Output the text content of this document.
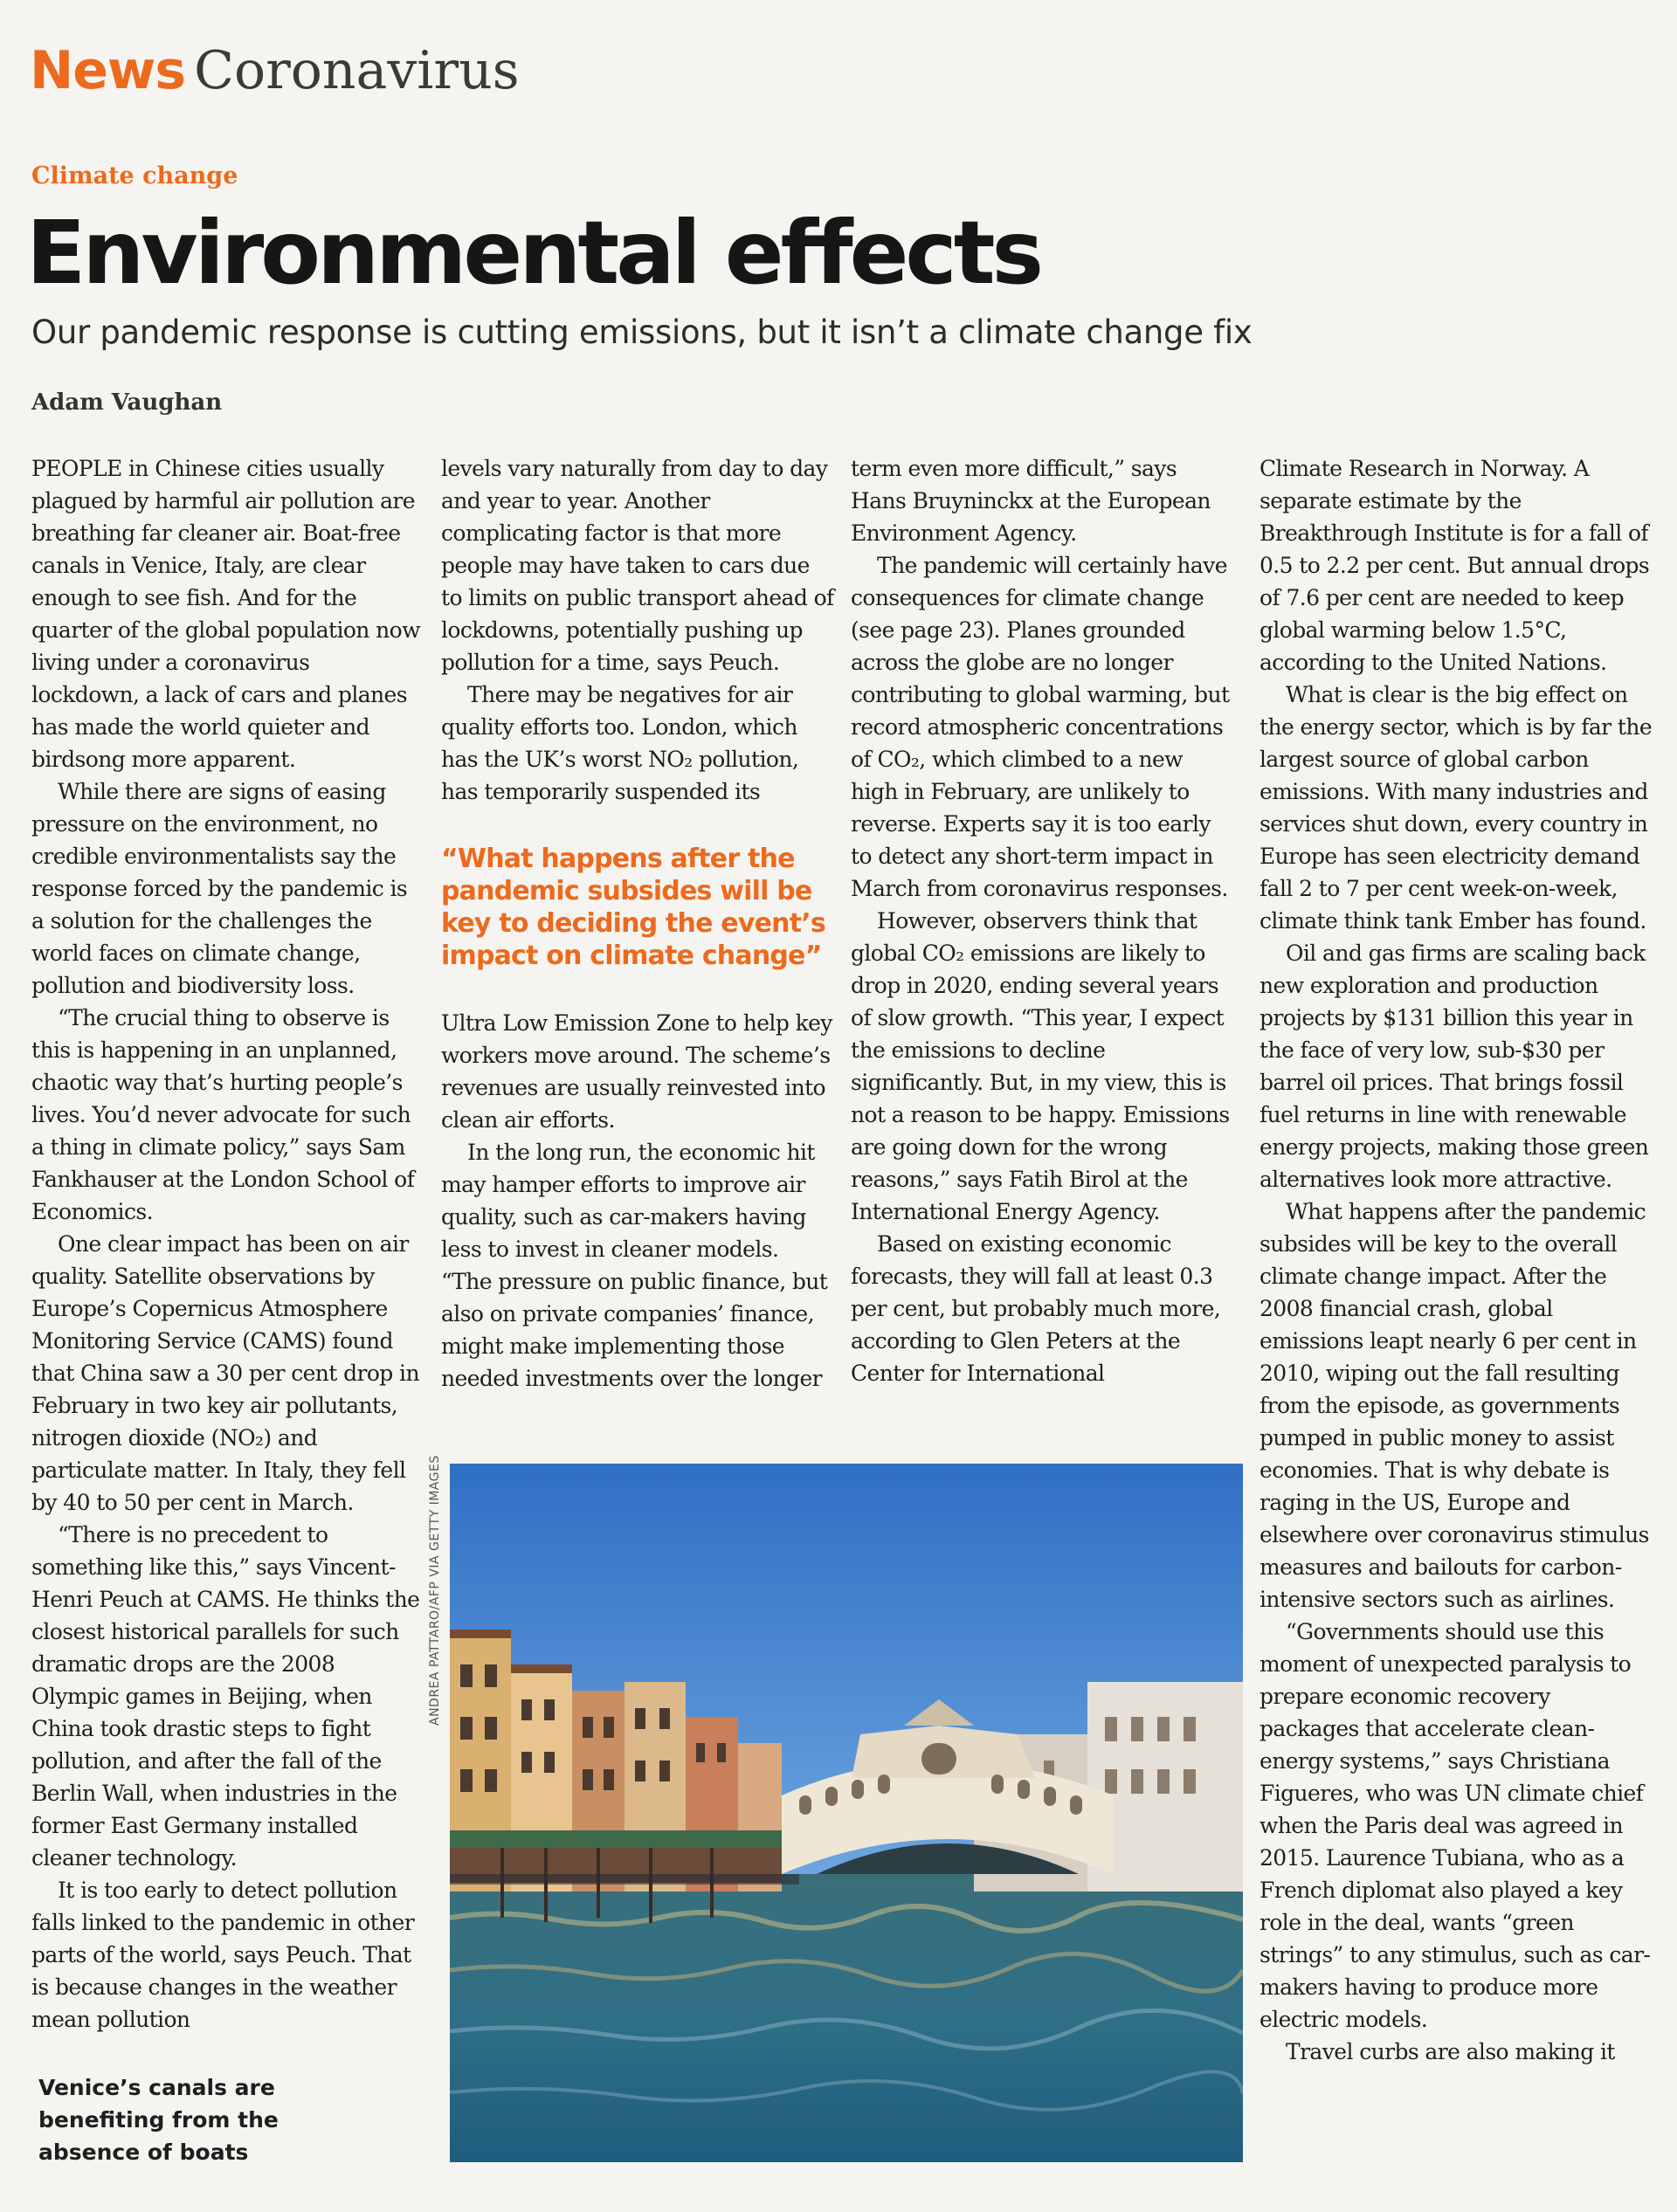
News Coronavirus
Climate change
Environmental effects
Our pandemic response is cutting emissions, but it isn’t a climate change fix
Adam Vaughan

PEOPLE in Chinese cities usually plagued by harmful air pollution are breathing far cleaner air. Boat-free canals in Venice, Italy, are clear enough to see fish. And for the quarter of the global population now living under a coronavirus lockdown, a lack of cars and planes has made the world quieter and birdsong more apparent.

While there are signs of easing pressure on the environment, no credible environmentalists say the response forced by the pandemic is a solution for the challenges the world faces on climate change, pollution and biodiversity loss.

“The crucial thing to observe is this is happening in an unplanned, chaotic way that’s hurting people’s lives. You’d never advocate for such a thing in climate policy,” says Sam Fankhauser at the London School of Economics.

One clear impact has been on air quality. Satellite observations by Europe’s Copernicus Atmosphere Monitoring Service (CAMS) found that China saw a 30 per cent drop in February in two key air pollutants, nitrogen dioxide (NO₂) and particulate matter. In Italy, they fell by 40 to 50 per cent in March.

“There is no precedent to something like this,” says Vincent-Henri Peuch at CAMS. He thinks the closest historical parallels for such dramatic drops are the 2008 Olympic games in Beijing, when China took drastic steps to fight pollution, and after the fall of the Berlin Wall, when industries in the former East Germany installed cleaner technology.

It is too early to detect pollution falls linked to the pandemic in other parts of the world, says Peuch. That is because changes in the weather mean pollution

levels vary naturally from day to day and year to year. Another complicating factor is that more people may have taken to cars due to limits on public transport ahead of lockdowns, potentially pushing up pollution for a time, says Peuch.

There may be negatives for air quality efforts too. London, which has the UK’s worst NO₂ pollution, has temporarily suspended its

“What happens after the pandemic subsides will be key to deciding the event’s impact on climate change”

Ultra Low Emission Zone to help key workers move around. The scheme’s revenues are usually reinvested into clean air efforts.

In the long run, the economic hit may hamper efforts to improve air quality, such as car-makers having less to invest in cleaner models. “The pressure on public finance, but also on private companies’ finance, might make implementing those needed investments over the longer

term even more difficult,” says Hans Bruyninckx at the European Environment Agency.

The pandemic will certainly have consequences for climate change (see page 23). Planes grounded across the globe are no longer contributing to global warming, but record atmospheric concentrations of CO₂, which climbed to a new high in February, are unlikely to reverse. Experts say it is too early to detect any short-term impact in March from coronavirus responses.

However, observers think that global CO₂ emissions are likely to drop in 2020, ending several years of slow growth. “This year, I expect the emissions to decline significantly. But, in my view, this is not a reason to be happy. Emissions are going down for the wrong reasons,” says Fatih Birol at the International Energy Agency.

Based on existing economic forecasts, they will fall at least 0.3 per cent, but probably much more, according to Glen Peters at the Center for International

Climate Research in Norway. A separate estimate by the Breakthrough Institute is for a fall of 0.5 to 2.2 per cent. But annual drops of 7.6 per cent are needed to keep global warming below 1.5°C, according to the United Nations.

What is clear is the big effect on the energy sector, which is by far the largest source of global carbon emissions. With many industries and services shut down, every country in Europe has seen electricity demand fall 2 to 7 per cent week-on-week, climate think tank Ember has found.

Oil and gas firms are scaling back new exploration and production projects by $131 billion this year in the face of very low, sub-$30 per barrel oil prices. That brings fossil fuel returns in line with renewable energy projects, making those green alternatives look more attractive.

What happens after the pandemic subsides will be key to the overall climate change impact. After the 2008 financial crash, global emissions leapt nearly 6 per cent in 2010, wiping out the fall resulting from the episode, as governments pumped in public money to assist economies. That is why debate is raging in the US, Europe and elsewhere over coronavirus stimulus measures and bailouts for carbon-intensive sectors such as airlines.

“Governments should use this moment of unexpected paralysis to prepare economic recovery packages that accelerate clean-energy systems,” says Christiana Figueres, who was UN climate chief when the Paris deal was agreed in 2015. Laurence Tubiana, who as a French diplomat also played a key role in the deal, wants “green strings” to any stimulus, such as car-makers having to produce more electric models.

Travel curbs are also making it

ANDREA PATTARO/AFP VIA GETTY IMAGES
Venice’s canals are benefiting from the absence of boats
